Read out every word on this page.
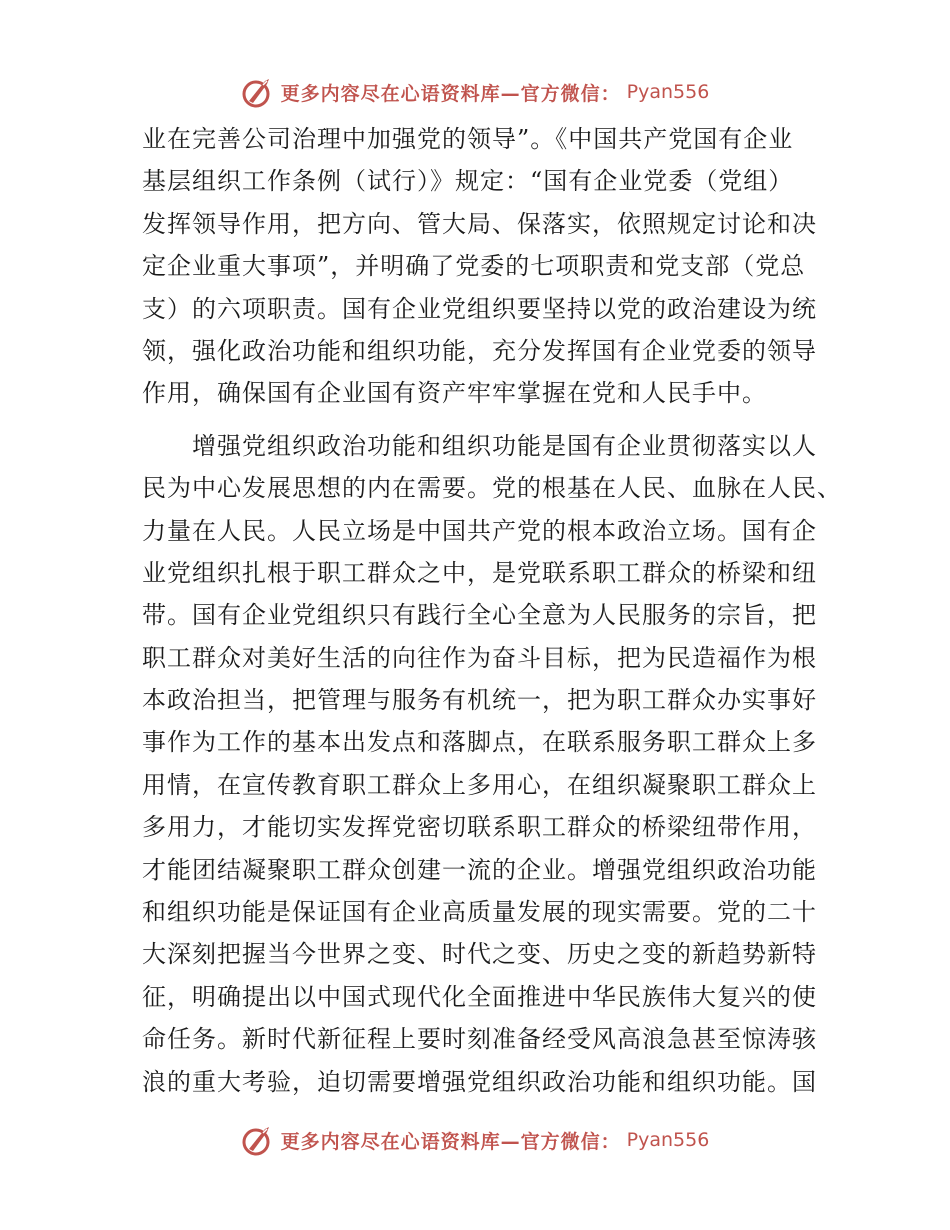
更多内容尽在心语资料库—官方微信： Pyan556
业在完善公司治理中加强党的领导”。《中国共产党国有企业
基层组织工作条例（试行）》规定：“国有企业党委（党组）
发挥领导作用，把方向、管大局、保落实，依照规定讨论和决
定企业重大事项”，并明确了党委的七项职责和党支部（党总
支）的六项职责。国有企业党组织要坚持以党的政治建设为统
领，强化政治功能和组织功能，充分发挥国有企业党委的领导
作用，确保国有企业国有资产牢牢掌握在党和人民手中。
　　增强党组织政治功能和组织功能是国有企业贯彻落实以人
民为中心发展思想的内在需要。党的根基在人民、血脉在人民、
力量在人民。人民立场是中国共产党的根本政治立场。国有企
业党组织扎根于职工群众之中，是党联系职工群众的桥梁和纽
带。国有企业党组织只有践行全心全意为人民服务的宗旨，把
职工群众对美好生活的向往作为奋斗目标，把为民造福作为根
本政治担当，把管理与服务有机统一，把为职工群众办实事好
事作为工作的基本出发点和落脚点，在联系服务职工群众上多
用情，在宣传教育职工群众上多用心，在组织凝聚职工群众上
多用力，才能切实发挥党密切联系职工群众的桥梁纽带作用，
才能团结凝聚职工群众创建一流的企业。增强党组织政治功能
和组织功能是保证国有企业高质量发展的现实需要。党的二十
大深刻把握当今世界之变、时代之变、历史之变的新趋势新特
征，明确提出以中国式现代化全面推进中华民族伟大复兴的使
命任务。新时代新征程上要时刻准备经受风高浪急甚至惊涛骇
浪的重大考验，迫切需要增强党组织政治功能和组织功能。国
更多内容尽在心语资料库—官方微信： Pyan556
